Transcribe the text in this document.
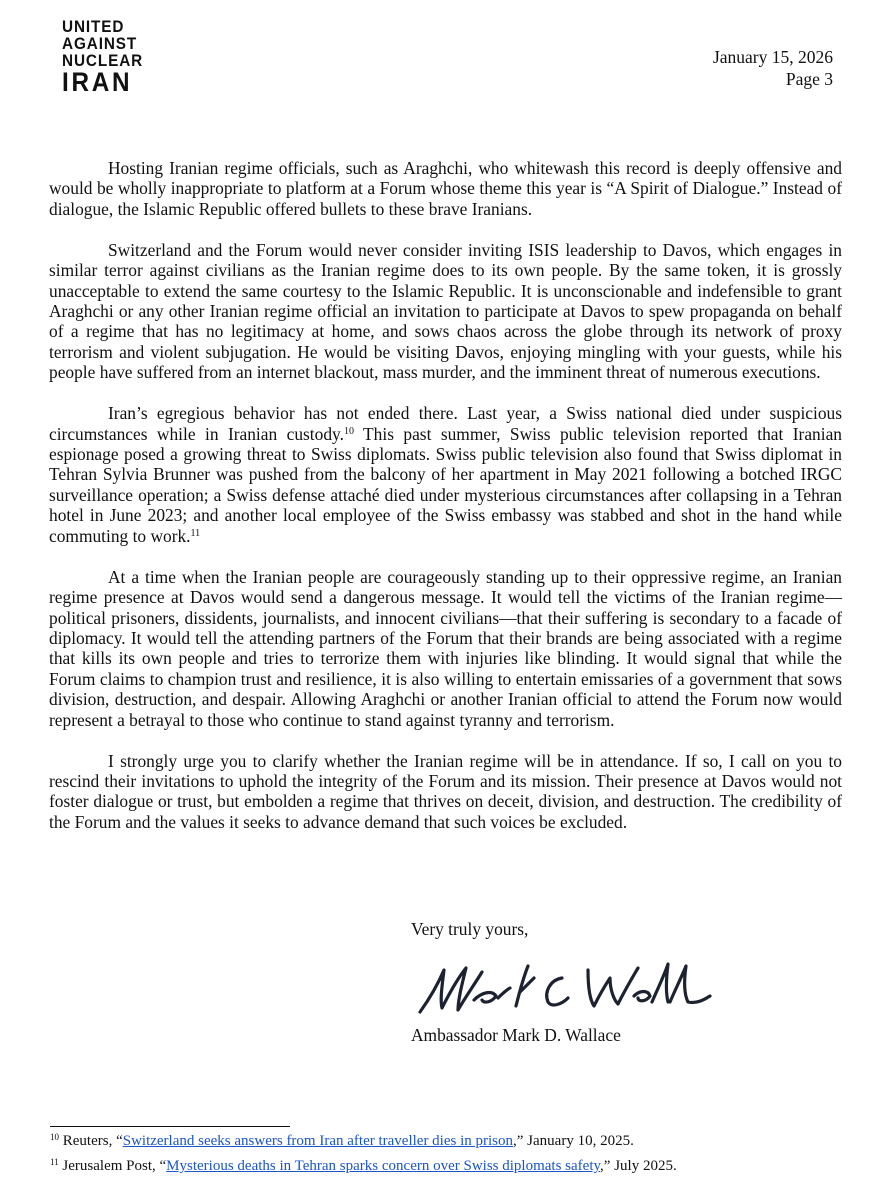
UNITED
AGAINST
NUCLEAR
IRAN
January 15, 2026
Page 3

Hosting Iranian regime officials, such as Araghchi, who whitewash this record is deeply offensive and would be wholly inappropriate to platform at a Forum whose theme this year is “A Spirit of Dialogue.” Instead of dialogue, the Islamic Republic offered bullets to these brave Iranians.

Switzerland and the Forum would never consider inviting ISIS leadership to Davos, which engages in similar terror against civilians as the Iranian regime does to its own people. By the same token, it is grossly unacceptable to extend the same courtesy to the Islamic Republic. It is unconscionable and indefensible to grant Araghchi or any other Iranian regime official an invitation to participate at Davos to spew propaganda on behalf of a regime that has no legitimacy at home, and sows chaos across the globe through its network of proxy terrorism and violent subjugation. He would be visiting Davos, enjoying mingling with your guests, while his people have suffered from an internet blackout, mass murder, and the imminent threat of numerous executions.

Iran’s egregious behavior has not ended there. Last year, a Swiss national died under suspicious circumstances while in Iranian custody.$^{10}$ This past summer, Swiss public television reported that Iranian espionage posed a growing threat to Swiss diplomats. Swiss public television also found that Swiss diplomat in Tehran Sylvia Brunner was pushed from the balcony of her apartment in May 2021 following a botched IRGC surveillance operation; a Swiss defense attaché died under mysterious circumstances after collapsing in a Tehran hotel in June 2023; and another local employee of the Swiss embassy was stabbed and shot in the hand while commuting to work.$^{11}$

At a time when the Iranian people are courageously standing up to their oppressive regime, an Iranian regime presence at Davos would send a dangerous message. It would tell the victims of the Iranian regime—political prisoners, dissidents, journalists, and innocent civilians—that their suffering is secondary to a facade of diplomacy. It would tell the attending partners of the Forum that their brands are being associated with a regime that kills its own people and tries to terrorize them with injuries like blinding. It would signal that while the Forum claims to champion trust and resilience, it is also willing to entertain emissaries of a government that sows division, destruction, and despair. Allowing Araghchi or another Iranian official to attend the Forum now would represent a betrayal to those who continue to stand against tyranny and terrorism.

I strongly urge you to clarify whether the Iranian regime will be in attendance. If so, I call on you to rescind their invitations to uphold the integrity of the Forum and its mission. Their presence at Davos would not foster dialogue or trust, but embolden a regime that thrives on deceit, division, and destruction. The credibility of the Forum and the values it seeks to advance demand that such voices be excluded.

Very truly yours,
Mark Wallace
Ambassador Mark D. Wallace
$^{10}$ Reuters, “Switzerland seeks answers from Iran after traveller dies in prison,” January 10, 2025.
$^{11}$ Jerusalem Post, “Mysterious deaths in Tehran sparks concern over Swiss diplomats safety,” July 2025.
